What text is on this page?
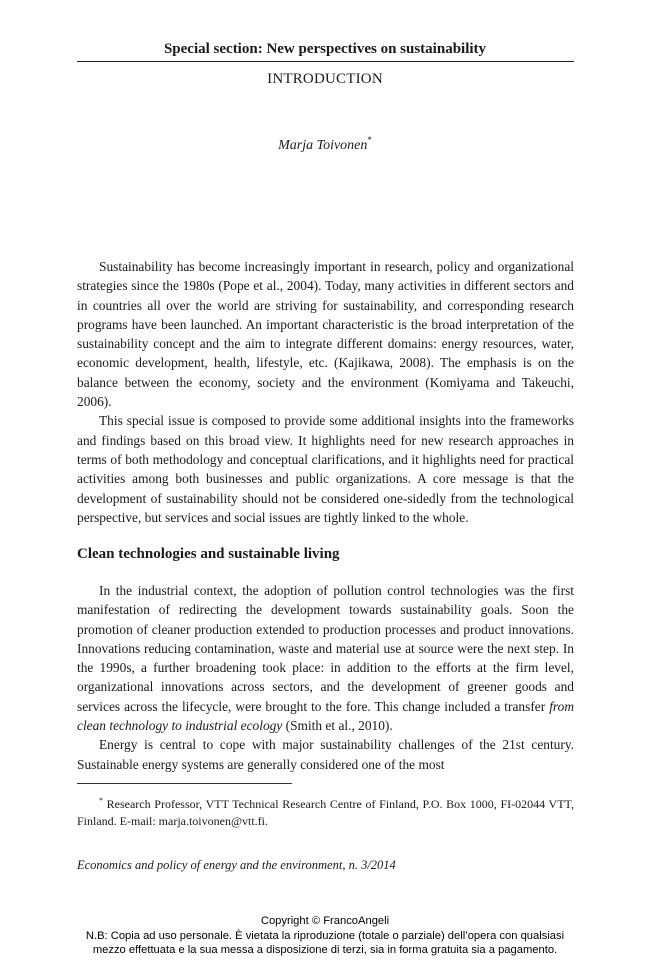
Special section: New perspectives on sustainability
INTRODUCTION
Marja Toivonen*

Sustainability has become increasingly important in research, policy and organizational strategies since the 1980s (Pope et al., 2004). Today, many activities in different sectors and in countries all over the world are striving for sustainability, and corresponding research programs have been launched. An important characteristic is the broad interpretation of the sustainability concept and the aim to integrate different domains: energy resources, water, economic development, health, lifestyle, etc. (Kajikawa, 2008). The emphasis is on the balance between the economy, society and the environment (Komiyama and Takeuchi, 2006).

This special issue is composed to provide some additional insights into the frameworks and findings based on this broad view. It highlights need for new research approaches in terms of both methodology and conceptual clarifications, and it highlights need for practical activities among both businesses and public organizations. A core message is that the development of sustainability should not be considered one-sidedly from the technological perspective, but services and social issues are tightly linked to the whole.

Clean technologies and sustainable living

In the industrial context, the adoption of pollution control technologies was the first manifestation of redirecting the development towards sustainability goals. Soon the promotion of cleaner production extended to production processes and product innovations. Innovations reducing contamination, waste and material use at source were the next step. In the 1990s, a further broadening took place: in addition to the efforts at the firm level, organizational innovations across sectors, and the development of greener goods and services across the lifecycle, were brought to the fore. This change included a transfer from clean technology to industrial ecology (Smith et al., 2010).

Energy is central to cope with major sustainability challenges of the 21st century. Sustainable energy systems are generally considered one of the most

* Research Professor, VTT Technical Research Centre of Finland, P.O. Box 1000, FI-02044 VTT, Finland. E-mail: marja.toivonen@vtt.fi.

Economics and policy of energy and the environment, n. 3/2014
Copyright © FrancoAngeli
N.B: Copia ad uso personale. È vietata la riproduzione (totale o parziale) dell’opera con qualsiasi
mezzo effettuata e la sua messa a disposizione di terzi, sia in forma gratuita sia a pagamento.
